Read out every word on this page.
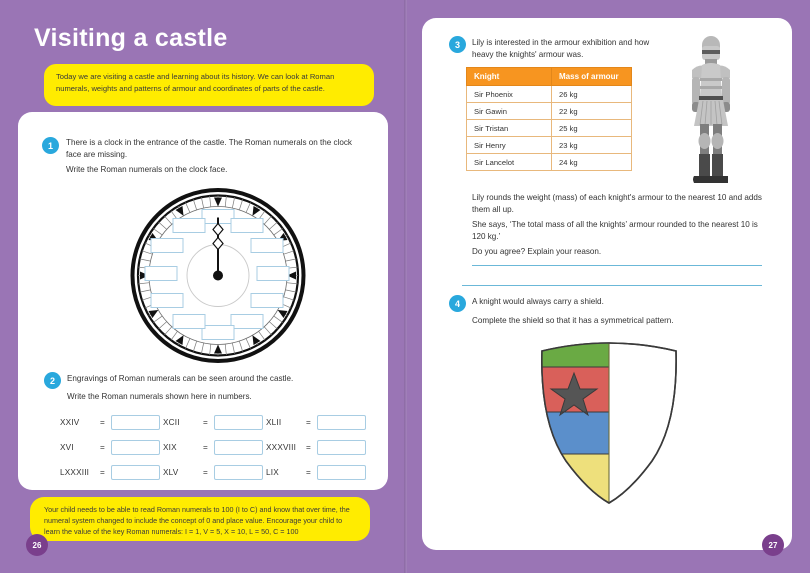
Visiting a castle
Today we are visiting a castle and learning about its history. We can look at Roman numerals, weights and patterns of armour and coordinates of parts of the castle.
1	There is a clock in the entrance of the castle. The Roman numerals on the clock face are missing.
Write the Roman numerals on the clock face.
2	Engravings of Roman numerals can be seen around the castle.
Write the Roman numerals shown here in numbers.
XXIV	=	XCII	=	XLII	=
XVI	=	XIX	=	XXXVIII	=
LXXXIII	=	XLV	=	LIX	=
Your child needs to be able to read Roman numerals to 100 (I to C) and know that over time, the numeral system changed to include the concept of 0 and place value. Encourage your child to learn the value of the key Roman numerals: I = 1, V = 5, X = 10, L = 50, C = 100
26
3	Lily is interested in the armour exhibition and how heavy the knights' armour was.
Knight	Mass of armour
Sir Phoenix	26 kg
Sir Gawin	22 kg
Sir Tristan	25 kg
Sir Henry	23 kg
Sir Lancelot	24 kg
Lily rounds the weight (mass) of each knight's armour to the nearest 10 and adds them all up.
She says, ‘The total mass of all the knights’ armour rounded to the nearest 10 is 120 kg.’
Do you agree? Explain your reason.
4	A knight would always carry a shield.
Complete the shield so that it has a symmetrical pattern.
27
